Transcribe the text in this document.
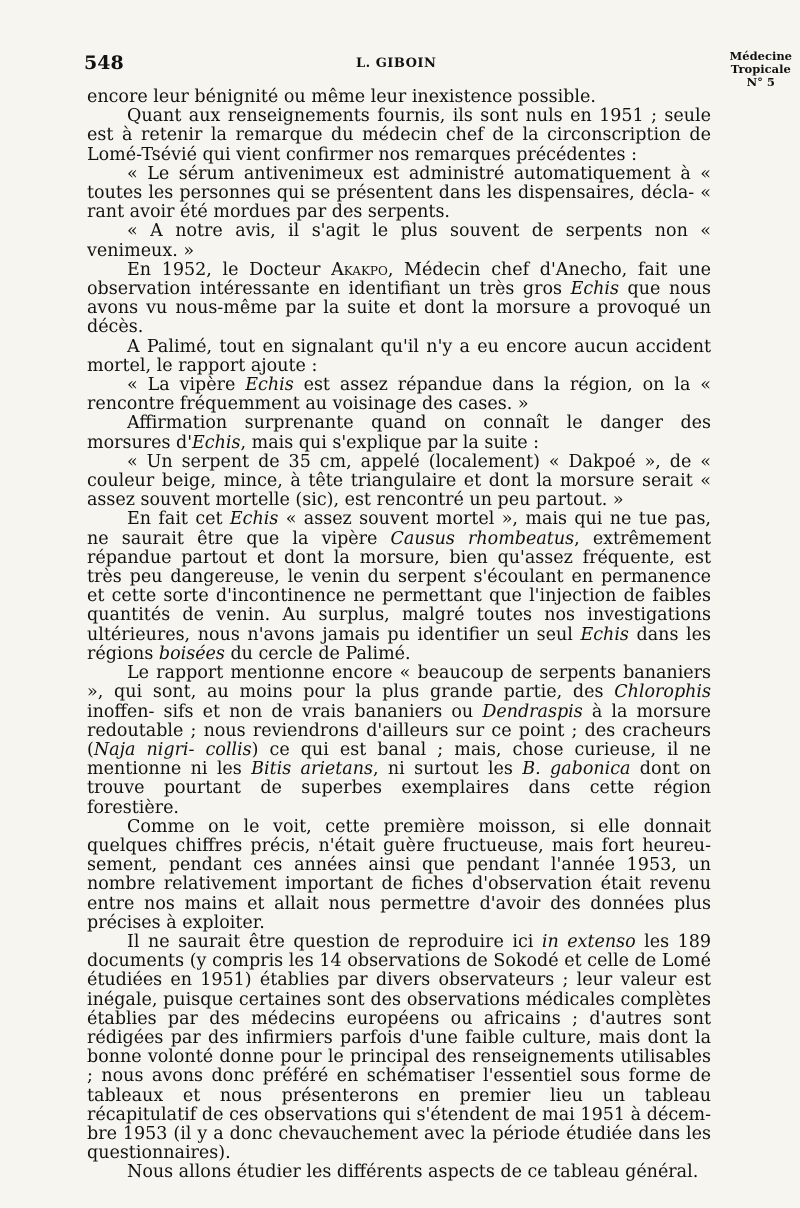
548	L. GIBOIN	Médecine
Tropicale
N° 5

encore leur bénignité ou même leur inexistence possible.

Quant aux renseignements fournis, ils sont nuls en 1951 ; seule est à retenir la remarque du médecin chef de la circonscription de Lomé-Tsévié qui vient confirmer nos remarques précédentes :

« Le sérum antivenimeux est administré automatiquement à « toutes les personnes qui se présentent dans les dispensaires, décla- « rant avoir été mordues par des serpents.

« A notre avis, il s'agit le plus souvent de serpents non « venimeux. »

En 1952, le Docteur Akakpo, Médecin chef d'Anecho, fait une observation intéressante en identifiant un très gros Echis que nous avons vu nous-même par la suite et dont la morsure a provoqué un décès.

A Palimé, tout en signalant qu'il n'y a eu encore aucun accident mortel, le rapport ajoute :

« La vipère Echis est assez répandue dans la région, on la « rencontre fréquemment au voisinage des cases. »

Affirmation surprenante quand on connaît le danger des morsures d'Echis, mais qui s'explique par la suite :

« Un serpent de 35 cm, appelé (localement) « Dakpoé », de « couleur beige, mince, à tête triangulaire et dont la morsure serait « assez souvent mortelle (sic), est rencontré un peu partout. »

En fait cet Echis « assez souvent mortel », mais qui ne tue pas, ne saurait être que la vipère Causus rhombeatus, extrêmement répandue partout et dont la morsure, bien qu'assez fréquente, est très peu dangereuse, le venin du serpent s'écoulant en permanence et cette sorte d'incontinence ne permettant que l'injection de faibles quantités de venin. Au surplus, malgré toutes nos investigations ultérieures, nous n'avons jamais pu identifier un seul Echis dans les régions boisées du cercle de Palimé.

Le rapport mentionne encore « beaucoup de serpents bananiers », qui sont, au moins pour la plus grande partie, des Chlorophis inoffen- sifs et non de vrais bananiers ou Dendraspis à la morsure redoutable ; nous reviendrons d'ailleurs sur ce point ; des cracheurs (Naja nigri- collis) ce qui est banal ; mais, chose curieuse, il ne mentionne ni les Bitis arietans, ni surtout les B. gabonica dont on trouve pourtant de superbes exemplaires dans cette région forestière.

Comme on le voit, cette première moisson, si elle donnait quelques chiffres précis, n'était guère fructueuse, mais fort heureu- sement, pendant ces années ainsi que pendant l'année 1953, un nombre relativement important de fiches d'observation était revenu entre nos mains et allait nous permettre d'avoir des données plus précises à exploiter.

Il ne saurait être question de reproduire ici in extenso les 189 documents (y compris les 14 observations de Sokodé et celle de Lomé étudiées en 1951) établies par divers observateurs ; leur valeur est inégale, puisque certaines sont des observations médicales complètes établies par des médecins européens ou africains ; d'autres sont rédigées par des infirmiers parfois d'une faible culture, mais dont la bonne volonté donne pour le principal des renseignements utilisables ; nous avons donc préféré en schématiser l'essentiel sous forme de tableaux et nous présenterons en premier lieu un tableau récapitulatif de ces observations qui s'étendent de mai 1951 à décem- bre 1953 (il y a donc chevauchement avec la période étudiée dans les questionnaires).

Nous allons étudier les différents aspects de ce tableau général.
